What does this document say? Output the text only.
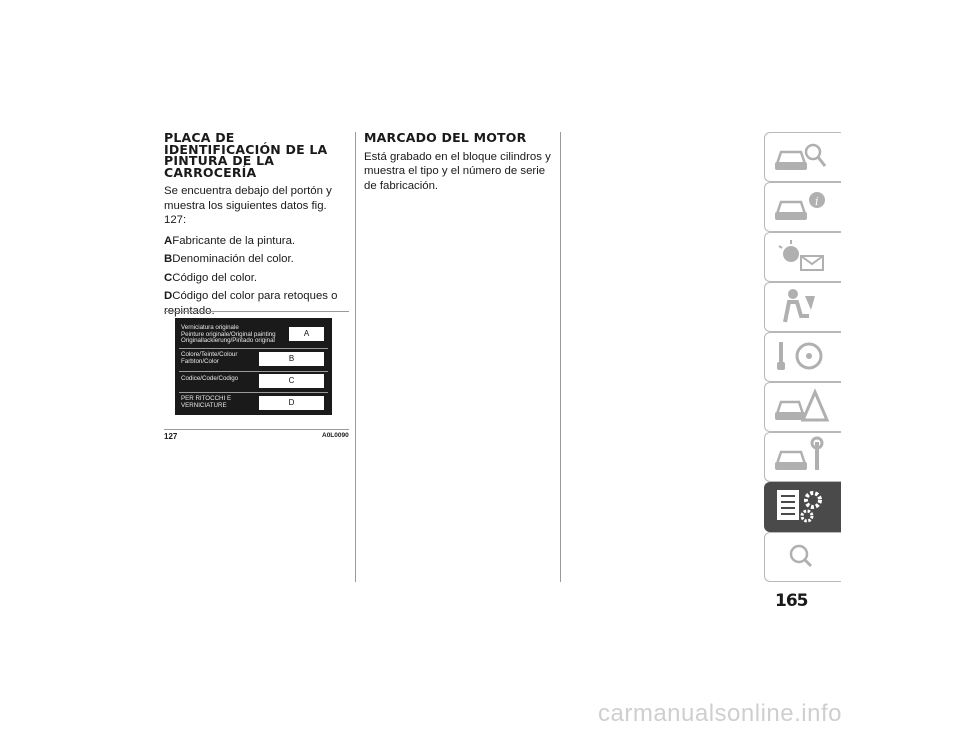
PLACA DE IDENTIFICACIÓN DE LA PINTURA DE LA CARROCERÍA

Se encuentra debajo del portón y muestra los siguientes datos fig. 127:

AFabricante de la pintura.
BDenominación del color.
CCódigo del color.
DCódigo del color para retoques o repintado.
Verniciatura originale
Peinture originale/Original painting
Originallackierung/Pintado original
A
Colore/Teinte/Colour
Farbton/Color	B
Codice/Code/Codigo	C
PER RITOCCHI E
VERNICIATURE	D
127	A0L0090
MARCADO DEL MOTOR

Está grabado en el bloque cilindros y muestra el tipo y el número de serie de fabricación.

i
165
carmanualsonline.info
